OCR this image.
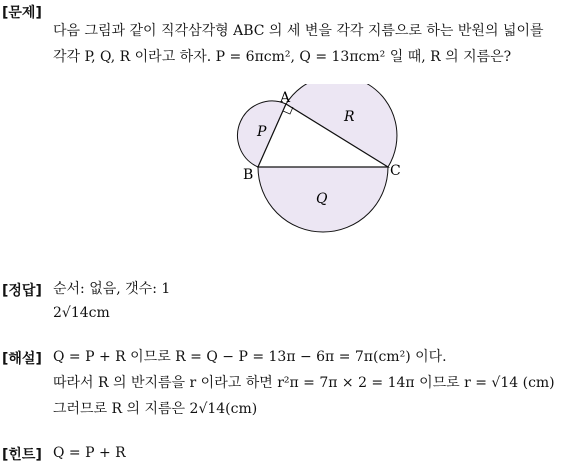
[문제]
다음 그림과 같이 직각삼각형 ABC 의 세 변을 각각 지름으로 하는 반원의 넓이를
각각 P, Q, R 이라고 하자. P = 6πcm², Q = 13πcm² 일 때, R 의 지름은?
A
B	C
P
R
Q
[정답] 순서: 없음, 갯수: 1
2√14cm
[해설] Q = P + R 이므로 R = Q − P = 13π − 6π = 7π(cm²) 이다.
따라서 R 의 반지름을 r 이라고 하면 r²π = 7π × 2 = 14π 이므로 r = √14 (cm)
그러므로 R 의 지름은 2√14(cm)
[힌트] Q = P + R
